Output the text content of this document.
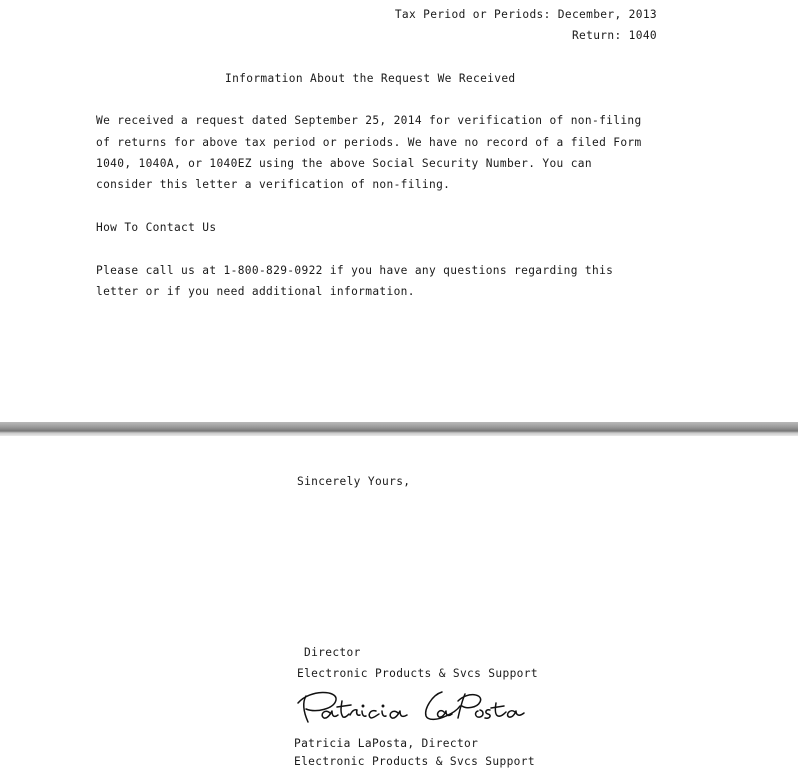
Tax Period or Periods: December, 2013
Return: 1040
Information About the Request We Received
We received a request dated September 25, 2014 for verification of non-filing
of returns for above tax period or periods. We have no record of a filed Form
1040, 1040A, or 1040EZ using the above Social Security Number. You can
consider this letter a verification of non-filing.
How To Contact Us
Please call us at 1-800-829-0922 if you have any questions regarding this
letter or if you need additional information.
Sincerely Yours,
Director
Electronic Products & Svcs Support
Patricia LaPosta, Director
Electronic Products & Svcs Support
